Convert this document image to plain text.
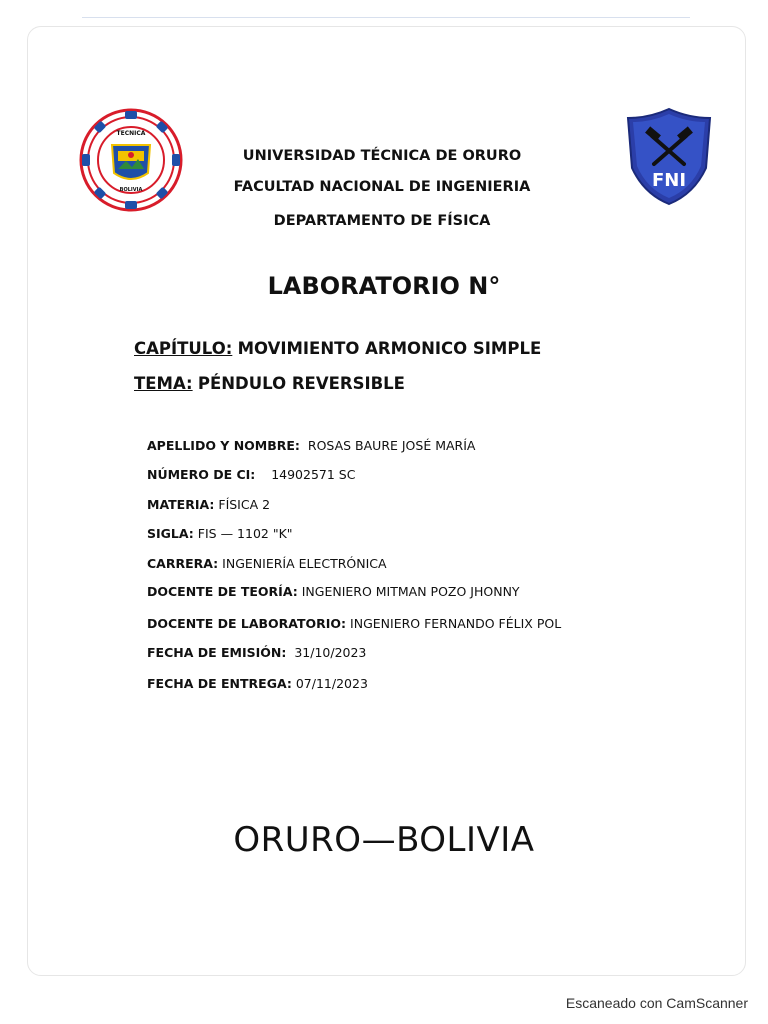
TECNICA
BOLIVIA	FNI
UNIVERSIDAD TÉCNICA DE ORURO
FACULTAD NACIONAL DE INGENIERIA
DEPARTAMENTO DE FÍSICA
LABORATORIO N°
CAPÍTULO: MOVIMIENTO ARMONICO SIMPLE
TEMA: PÉNDULO REVERSIBLE
APELLIDO Y NOMBRE: ROSAS BAURE JOSÉ MARÍA
NÚMERO DE CI: 14902571 SC
MATERIA: FÍSICA 2
SIGLA: FIS — 1102 "K"
CARRERA: INGENIERÍA ELECTRÓNICA
DOCENTE DE TEORÍA: INGENIERO MITMAN POZO JHONNY
DOCENTE DE LABORATORIO: INGENIERO FERNANDO FÉLIX POL
FECHA DE EMISIÓN: 31/10/2023
FECHA DE ENTREGA: 07/11/2023
ORURO—BOLIVIA
Escaneado con CamScanner
